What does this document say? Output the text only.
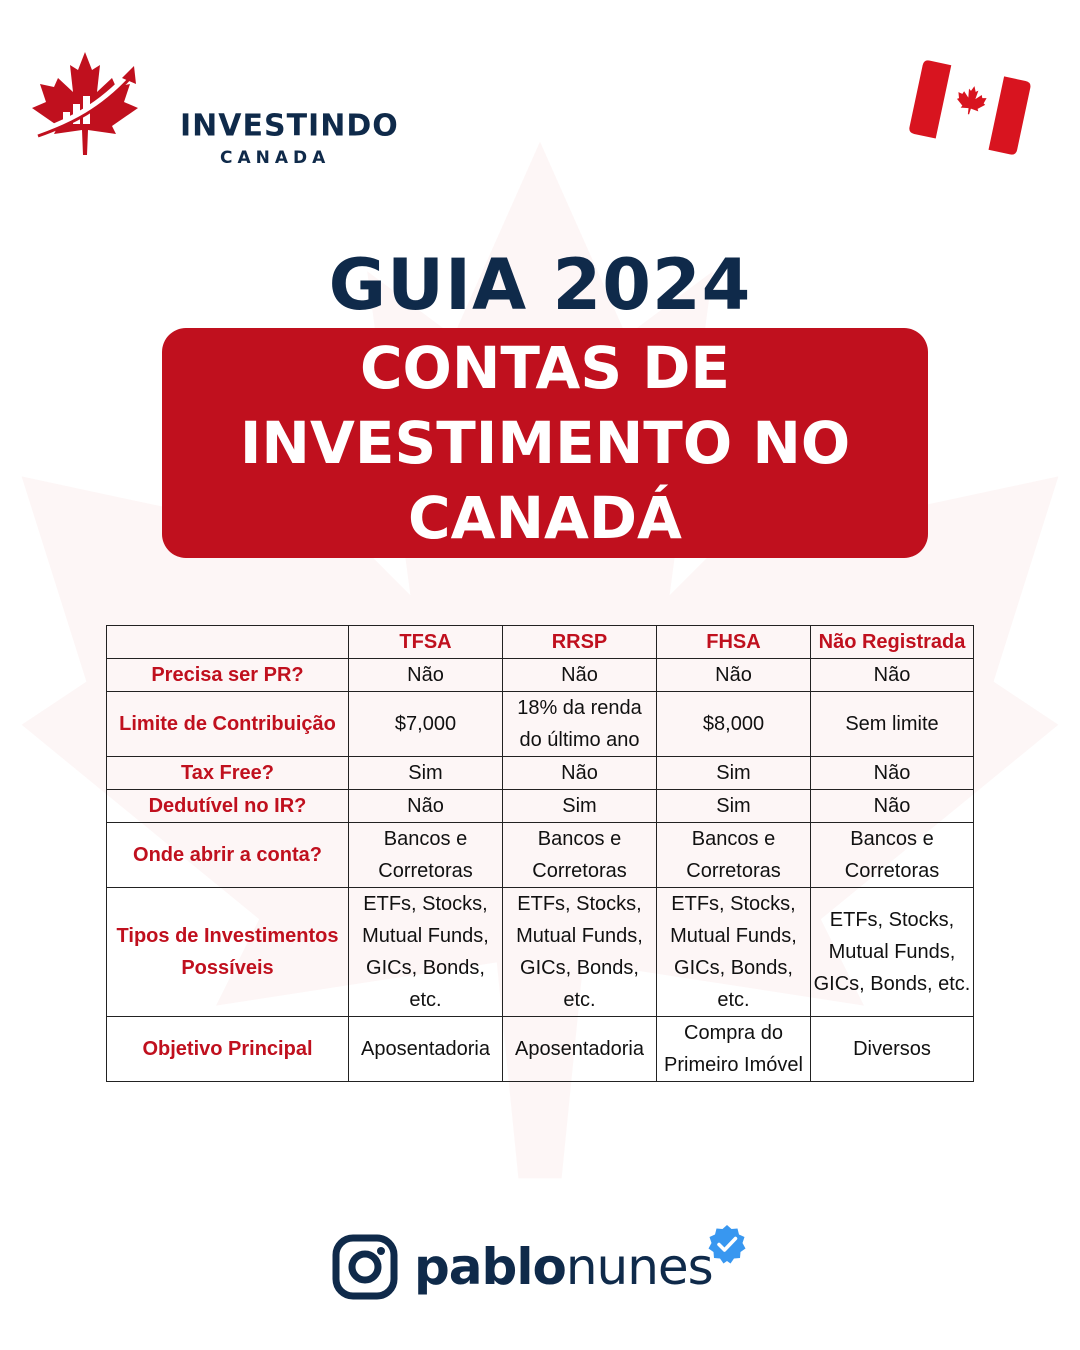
INVESTINDO
CANADA
GUIA 2024
CONTAS DE
INVESTIMENTO NO
CANADÁ
	TFSA	RRSP	FHSA	Não Registrada
Precisa ser PR?	Não	Não	Não	Não
Limite de Contribuição	$7,000	18% da renda do último ano	$8,000	Sem limite
Tax Free?	Sim	Não	Sim	Não
Dedutível no IR?	Não	Sim	Sim	Não
Onde abrir a conta?	Bancos e Corretoras	Bancos e Corretoras	Bancos e Corretoras	Bancos e Corretoras
Tipos de Investimentos Possíveis	ETFs, Stocks, Mutual Funds, GICs, Bonds, etc.	ETFs, Stocks, Mutual Funds, GICs, Bonds, etc.	ETFs, Stocks, Mutual Funds, GICs, Bonds, etc.	ETFs, Stocks, Mutual Funds, GICs, Bonds, etc.
Objetivo Principal	Aposentadoria	Aposentadoria	Compra do Primeiro Imóvel	Diversos
pablonunes
